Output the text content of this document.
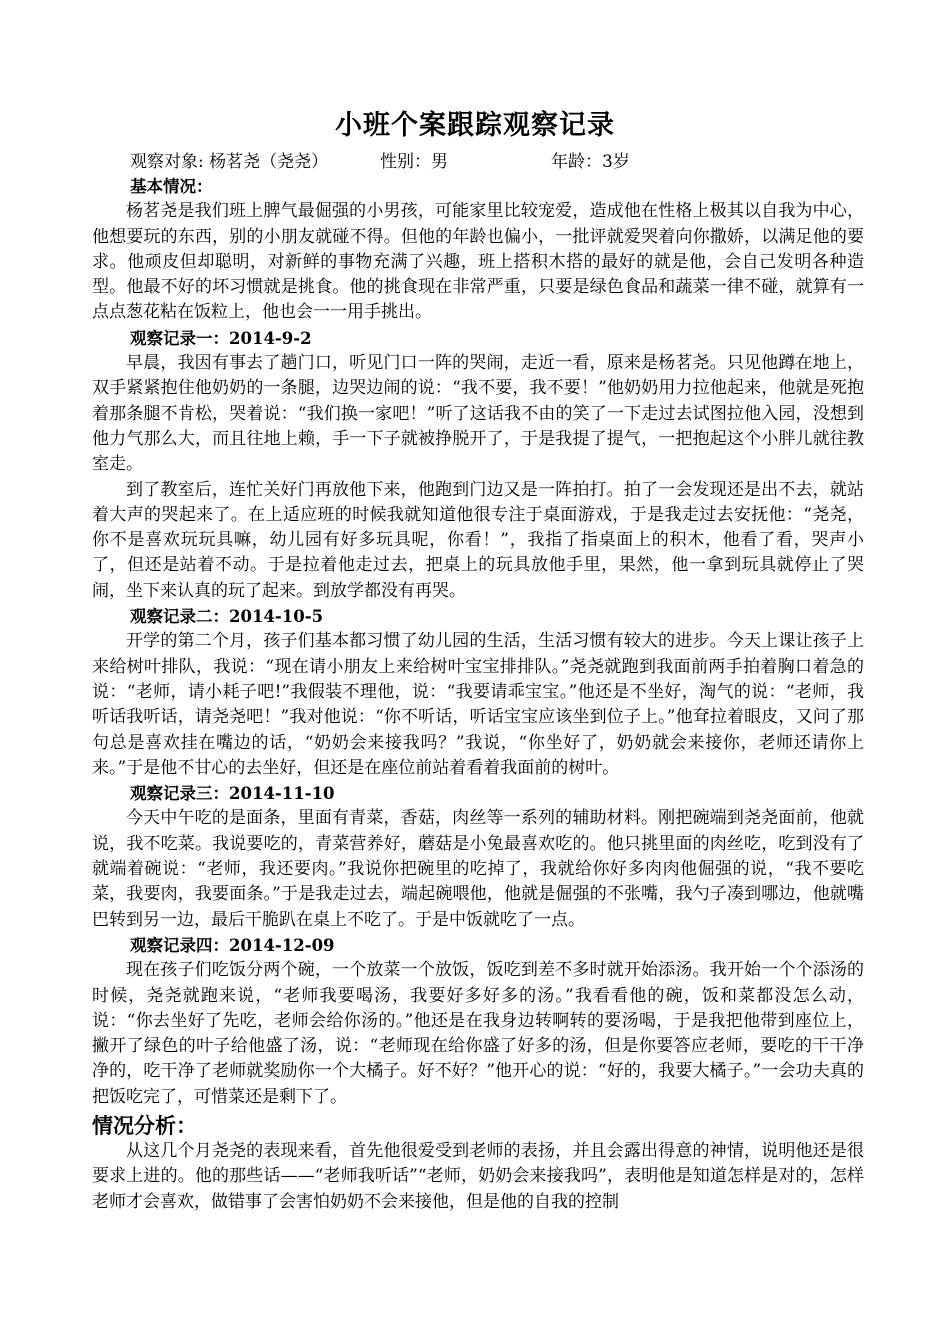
小班个案跟踪观察记录
观察对象: 杨茗尧（尧尧）	性别：男	年龄：3岁
基本情况：

杨茗尧是我们班上脾气最倔强的小男孩，可能家里比较宠爱，造成他在性格上极其以自我为中心，他想要玩的东西，别的小朋友就碰不得。但他的年龄也偏小，一批评就爱哭着向你撒娇，以满足他的要求。他顽皮但却聪明，对新鲜的事物充满了兴趣，班上搭积木搭的最好的就是他，会自己发明各种造型。他最不好的坏习惯就是挑食。他的挑食现在非常严重，只要是绿色食品和蔬菜一律不碰，就算有一点点葱花粘在饭粒上，他也会一一用手挑出。

观察记录一：2014-9-2

早晨，我因有事去了趟门口，听见门口一阵的哭闹，走近一看，原来是杨茗尧。只见他蹲在地上，双手紧紧抱住他奶奶的一条腿，边哭边闹的说：“我不要，我不要！”他奶奶用力拉他起来，他就是死抱着那条腿不肯松，哭着说：“我们换一家吧！”听了这话我不由的笑了一下走过去试图拉他入园，没想到他力气那么大，而且往地上赖，手一下子就被挣脱开了，于是我提了提气，一把抱起这个小胖儿就往教室走。

到了教室后，连忙关好门再放他下来，他跑到门边又是一阵拍打。拍了一会发现还是出不去，就站着大声的哭起来了。在上适应班的时候我就知道他很专注于桌面游戏，于是我走过去安抚他：“尧尧，你不是喜欢玩玩具嘛，幼儿园有好多玩具呢，你看！”，我指了指桌面上的积木，他看了看，哭声小了，但还是站着不动。于是拉着他走过去，把桌上的玩具放他手里，果然，他一拿到玩具就停止了哭闹，坐下来认真的玩了起来。到放学都没有再哭。

观察记录二：2014-10-5

开学的第二个月，孩子们基本都习惯了幼儿园的生活，生活习惯有较大的进步。今天上课让孩子上来给树叶排队，我说：“现在请小朋友上来给树叶宝宝排排队。”尧尧就跑到我面前两手拍着胸口着急的说：“老师，请小耗子吧!”我假装不理他，说：“我要请乖宝宝。”他还是不坐好，淘气的说：“老师，我听话我听话，请尧尧吧！”我对他说：“你不听话，听话宝宝应该坐到位子上。”他耷拉着眼皮，又问了那句总是喜欢挂在嘴边的话，“奶奶会来接我吗？”我说，“你坐好了，奶奶就会来接你，老师还请你上来。”于是他不甘心的去坐好，但还是在座位前站着看着我面前的树叶。

观察记录三：2014-11-10

今天中午吃的是面条，里面有青菜，香菇，肉丝等一系列的辅助材料。刚把碗端到尧尧面前，他就说，我不吃菜。我说要吃的，青菜营养好，蘑菇是小兔最喜欢吃的。他只挑里面的肉丝吃，吃到没有了就端着碗说：“老师，我还要肉。”我说你把碗里的吃掉了，我就给你好多肉肉他倔强的说，“我不要吃菜，我要肉，我要面条。”于是我走过去，端起碗喂他，他就是倔强的不张嘴，我勺子凑到哪边，他就嘴巴转到另一边，最后干脆趴在桌上不吃了。于是中饭就吃了一点。

观察记录四：2014-12-09

现在孩子们吃饭分两个碗，一个放菜一个放饭，饭吃到差不多时就开始添汤。我开始一个个添汤的时候，尧尧就跑来说，“老师我要喝汤，我要好多好多的汤。”我看看他的碗，饭和菜都没怎么动，说：“你去坐好了先吃，老师会给你汤的。”他还是在我身边转啊转的要汤喝，于是我把他带到座位上，撇开了绿色的叶子给他盛了汤，说：“老师现在给你盛了好多的汤，但是你要答应老师，要吃的干干净净的，吃干净了老师就奖励你一个大橘子。好不好？”他开心的说：“好的，我要大橘子。”一会功夫真的把饭吃完了，可惜菜还是剩下了。

情况分析：

从这几个月尧尧的表现来看，首先他很爱受到老师的表扬，并且会露出得意的神情，说明他还是很要求上进的。他的那些话——“老师我听话”“老师，奶奶会来接我吗”，表明他是知道怎样是对的，怎样老师才会喜欢，做错事了会害怕奶奶不会来接他，但是他的自我的控制
